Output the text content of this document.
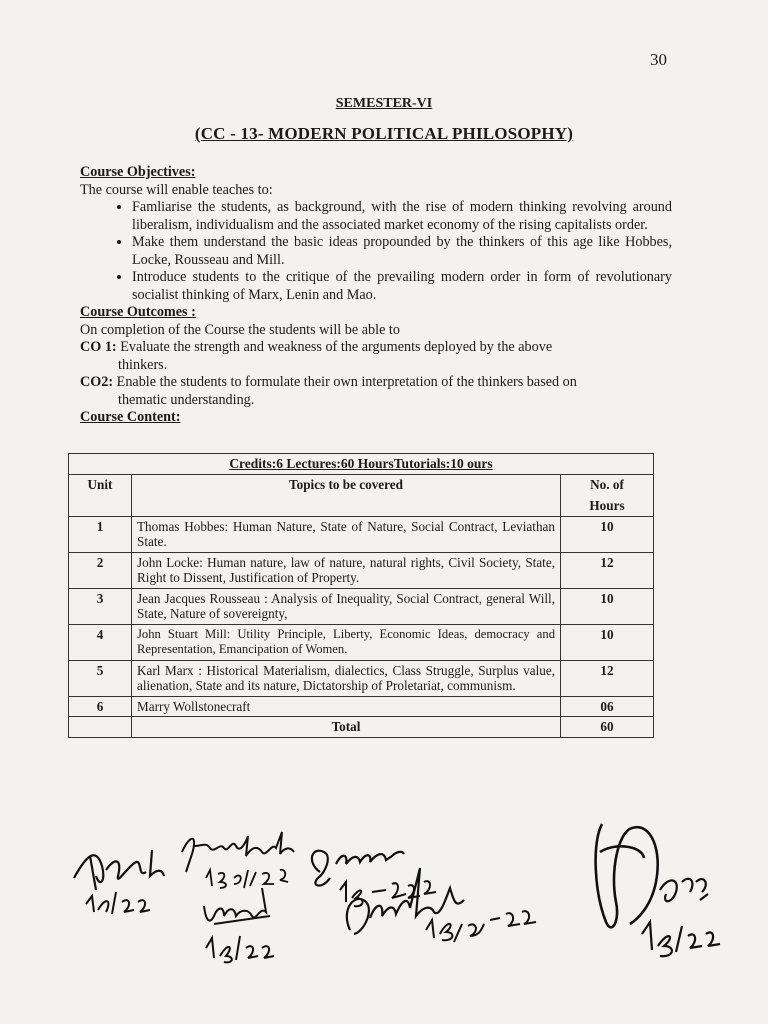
30
SEMESTER-VI
(CC - 13- MODERN POLITICAL PHILOSOPHY)
Course Objectives:
The course will enable teaches to:
• Famliarise the students, as background, with the rise of modern thinking revolving around liberalism, individualism and the associated market economy of the rising capitalists order.
• Make them understand the basic ideas propounded by the thinkers of this age like Hobbes, Locke, Rousseau and Mill.
• Introduce students to the critique of the prevailing modern order in form of revolutionary socialist thinking of Marx, Lenin and Mao.
Course Outcomes :
On completion of the Course the students will be able to
CO 1: Evaluate the strength and weakness of the arguments deployed by the above
thinkers.
CO2: Enable the students to formulate their own interpretation of the thinkers based on
thematic understanding.
Course Content:
Credits:6 Lectures:60 HoursTutorials:10 ours		
Unit	Topics to be covered	No. of
Hours

1	Thomas Hobbes: Human Nature, State of Nature, Social Contract, Leviathan State.	10
2	John Locke: Human nature, law of nature, natural rights, Civil Society, State, Right to Dissent, Justification of Property.	12
3	Jean Jacques Rousseau : Analysis of Inequality, Social Contract, general Will, State, Nature of sovereignty,	10
4	John Stuart Mill: Utility Principle, Liberty, Economic Ideas, democracy and Representation, Emancipation of Women.	10
5	Karl Marx : Historical Materialism, dialectics, Class Struggle, Surplus value, alienation, State and its nature, Dictatorship of Proletariat, communism.	12
6	Marry Wollstonecraft	06
	Total	60
